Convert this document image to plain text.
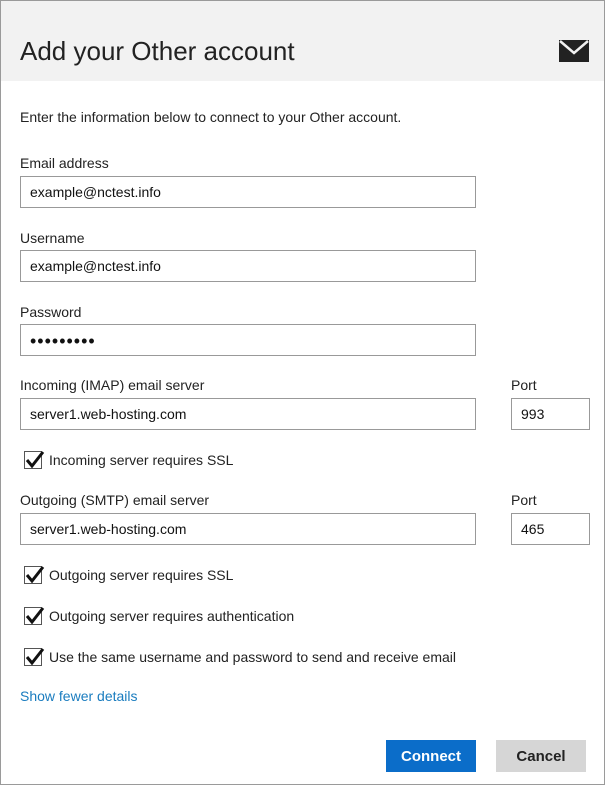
Add your Other account
Enter the information below to connect to your Other account.
Email address
example@nctest.info
Username
example@nctest.info
Password
•••••••••
Incoming (IMAP) email server
server1.web-hosting.com	Port
993
Incoming server requires SSL
Outgoing (SMTP) email server
server1.web-hosting.com	Port
465
Outgoing server requires SSL
Outgoing server requires authentication
Use the same username and password to send and receive email
Show fewer details
Connect	Cancel
